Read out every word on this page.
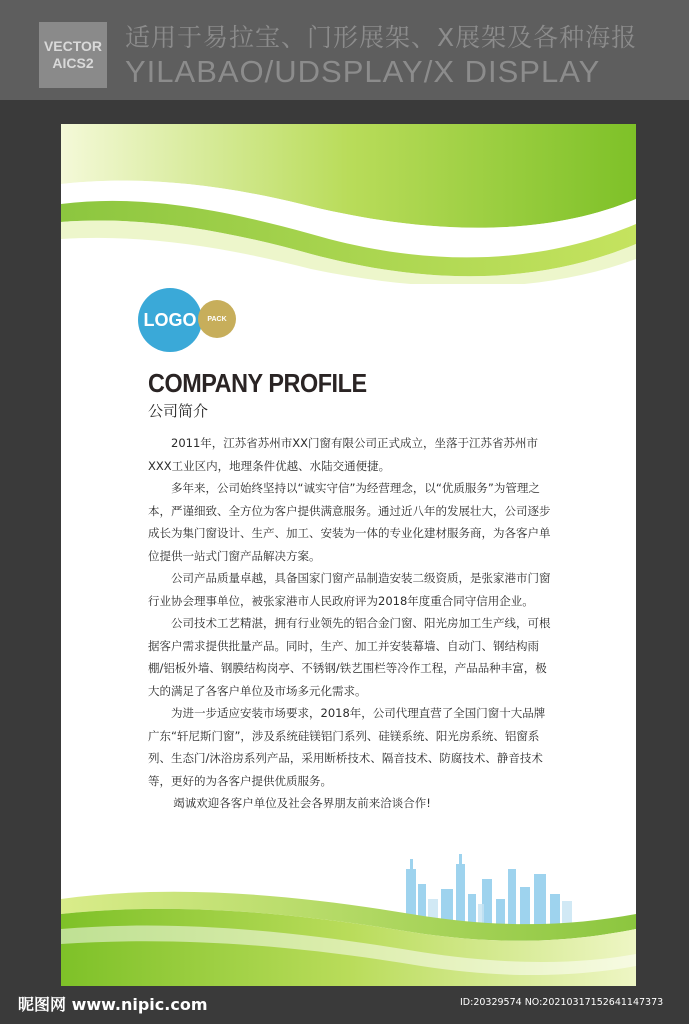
VECTOR
AICS2
适用于易拉宝、门形展架、X展架及各种海报
YILABAO/UDSPLAY/X DISPLAY
LOGO	PACK
COMPANY PROFILE
公司简介

2011年，江苏省苏州市XX门窗有限公司正式成立，坐落于江苏省苏州市XXX工业区内，地理条件优越、水陆交通便捷。

多年来，公司始终坚持以“诚实守信”为经营理念，以“优质服务”为管理之本，严谨细致、全方位为客户提供满意服务。通过近八年的发展壮大，公司逐步成长为集门窗设计、生产、加工、安装为一体的专业化建材服务商，为各客户单位提供一站式门窗产品解决方案。

公司产品质量卓越，具备国家门窗产品制造安装二级资质，是张家港市门窗行业协会理事单位，被张家港市人民政府评为2018年度重合同守信用企业。

公司技术工艺精湛，拥有行业领先的铝合金门窗、阳光房加工生产线，可根据客户需求提供批量产品。同时，生产、加工并安装幕墙、自动门、钢结构雨棚/铝板外墙、钢膜结构岗亭、不锈钢/铁艺围栏等冷作工程，产品品种丰富，极大的满足了各客户单位及市场多元化需求。

为进一步适应安装市场要求，2018年，公司代理直营了全国门窗十大品牌广东“轩尼斯门窗”，涉及系统硅镁铝门系列、硅镁系统、阳光房系统、铝窗系列、生态门/沐浴房系列产品，采用断桥技术、隔音技术、防腐技术、静音技术等，更好的为各客户提供优质服务。

竭诚欢迎各客户单位及社会各界朋友前来洽谈合作!

昵图网 www.nipic.com	ID:20329574 NO:20210317152641147373
